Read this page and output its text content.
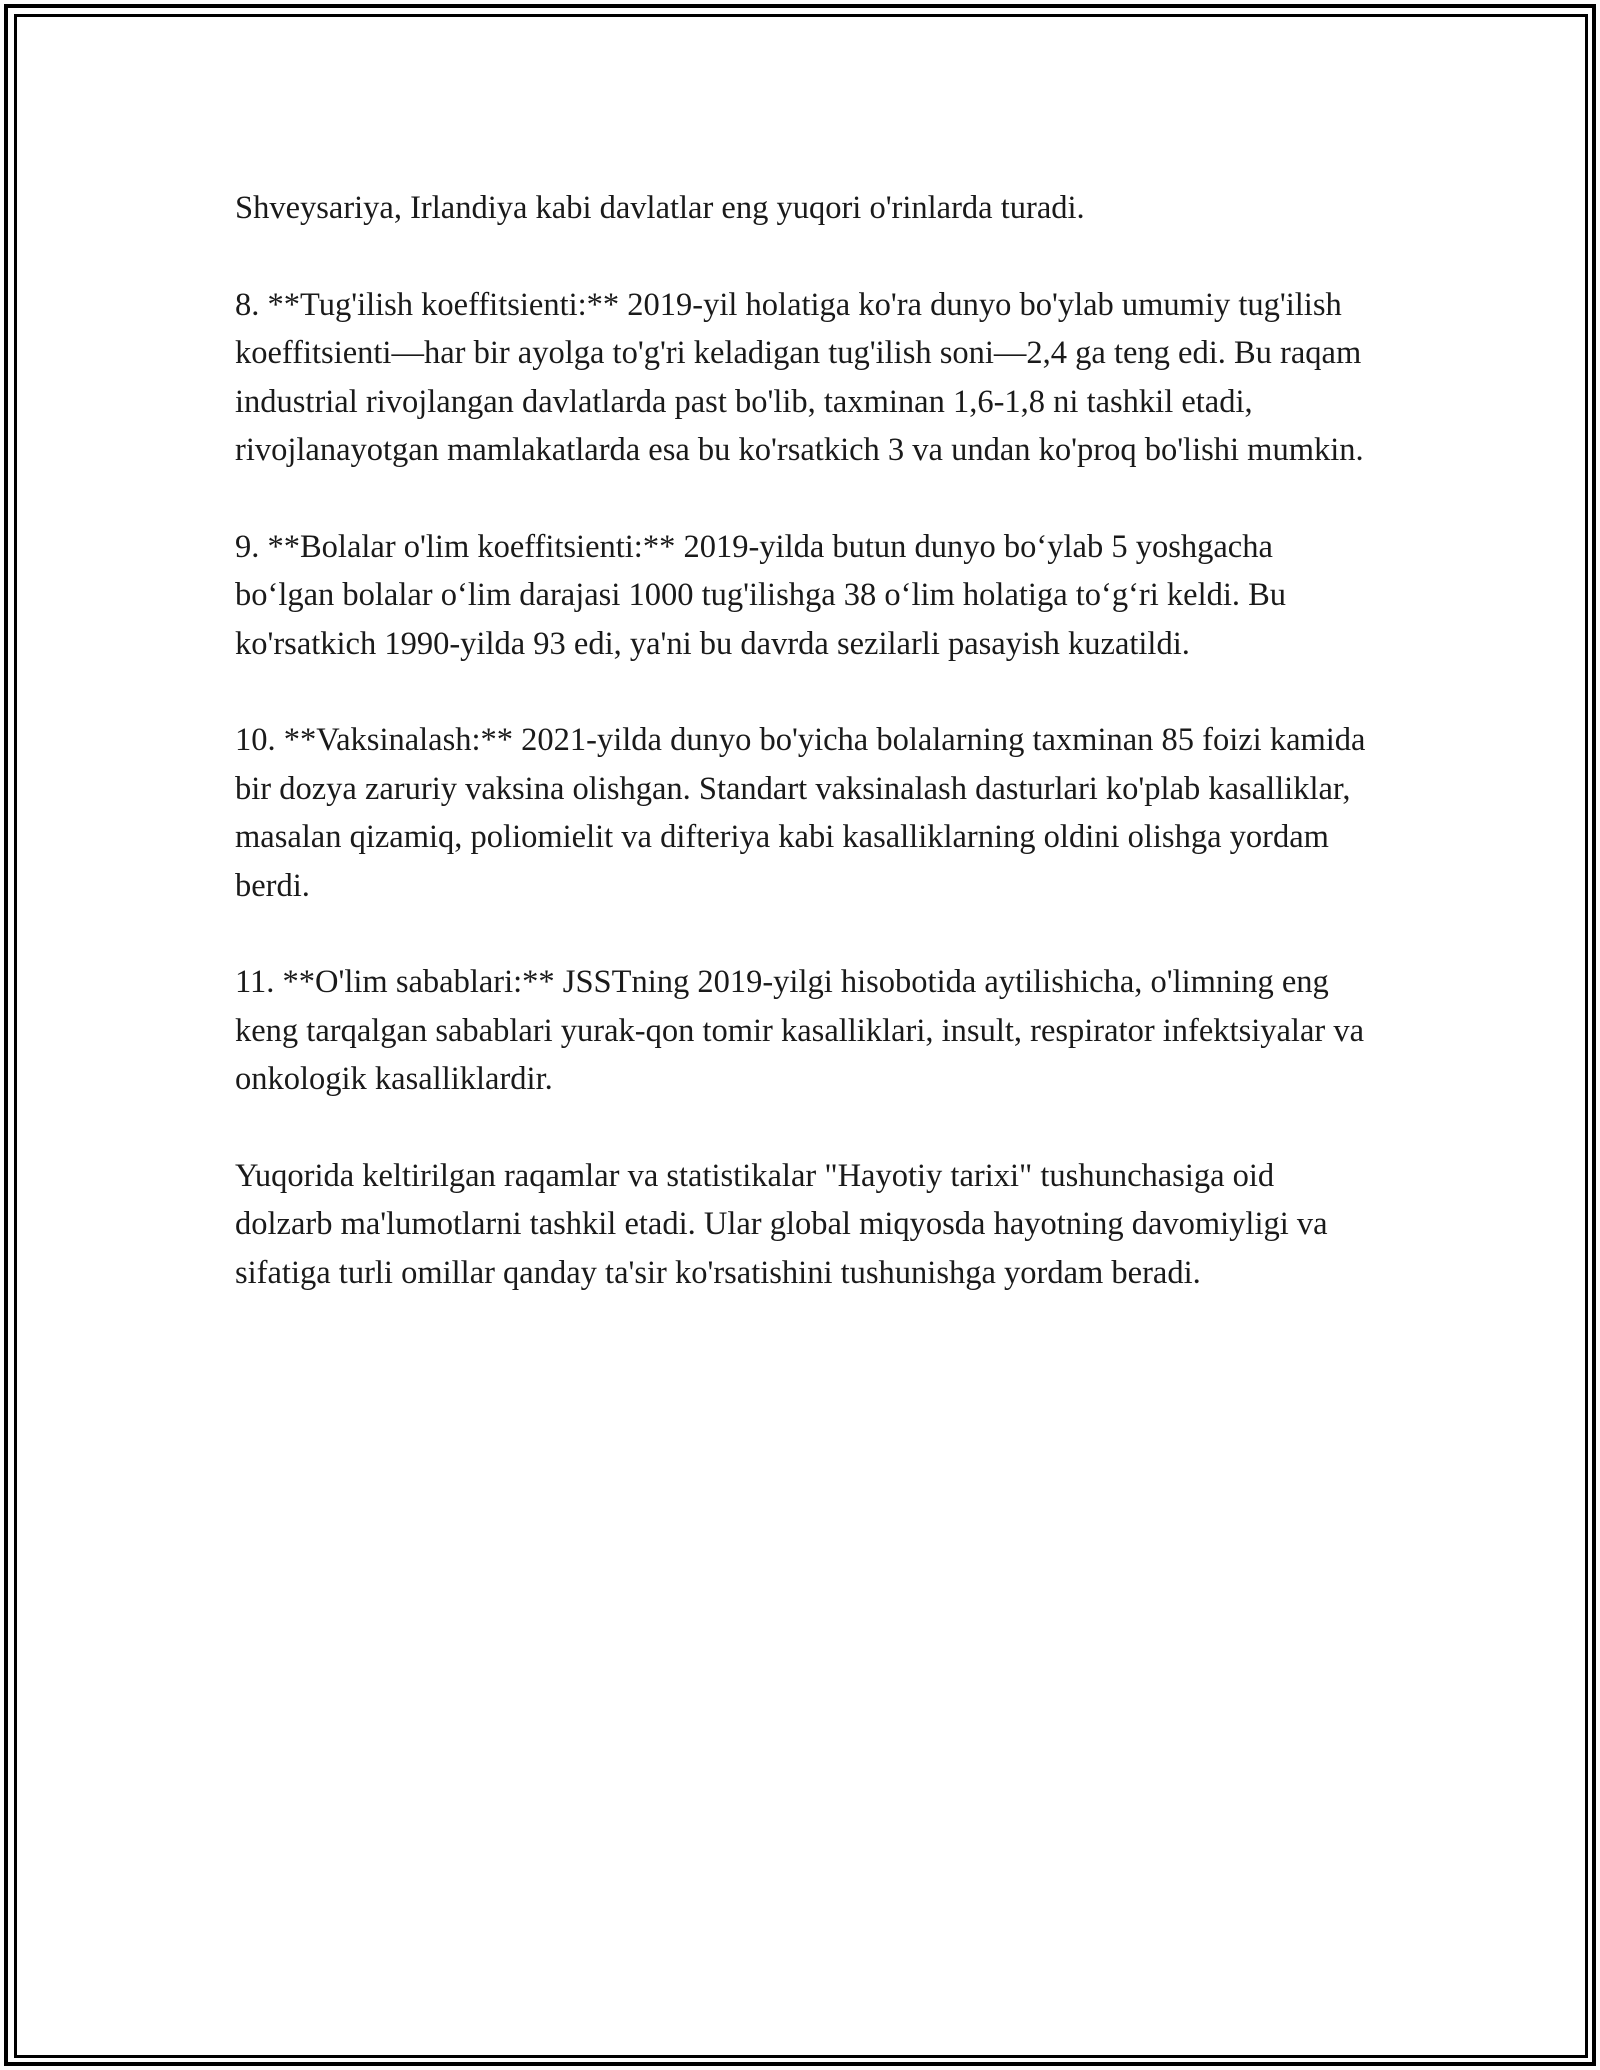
Shveysariya, Irlandiya kabi davlatlar eng yuqori o'rinlarda turadi.

8. **Tug'ilish koeffitsienti:** 2019-yil holatiga ko'ra dunyo bo'ylab umumiy tug'ilish koeffitsienti—har bir ayolga to'g'ri keladigan tug'ilish soni—2,4 ga teng edi. Bu raqam industrial rivojlangan davlatlarda past bo'lib, taxminan 1,6-1,8 ni tashkil etadi, rivojlanayotgan mamlakatlarda esa bu ko'rsatkich 3 va undan ko'proq bo'lishi mumkin.

9. **Bolalar o'lim koeffitsienti:** 2019-yilda butun dunyo bo‘ylab 5 yoshgacha bo‘lgan bolalar o‘lim darajasi 1000 tug'ilishga 38 o‘lim holatiga to‘g‘ri keldi. Bu ko'rsatkich 1990-yilda 93 edi, ya'ni bu davrda sezilarli pasayish kuzatildi.

10. **Vaksinalash:** 2021-yilda dunyo bo'yicha bolalarning taxminan 85 foizi kamida bir dozya zaruriy vaksina olishgan. Standart vaksinalash dasturlari ko'plab kasalliklar, masalan qizamiq, poliomielit va difteriya kabi kasalliklarning oldini olishga yordam berdi.

11. **O'lim sabablari:** JSSTning 2019-yilgi hisobotida aytilishicha, o'limning eng keng tarqalgan sabablari yurak-qon tomir kasalliklari, insult, respirator infektsiyalar va onkologik kasalliklardir.

Yuqorida keltirilgan raqamlar va statistikalar "Hayotiy tarixi" tushunchasiga oid dolzarb ma'lumotlarni tashkil etadi. Ular global miqyosda hayotning davomiyligi va sifatiga turli omillar qanday ta'sir ko'rsatishini tushunishga yordam beradi.
